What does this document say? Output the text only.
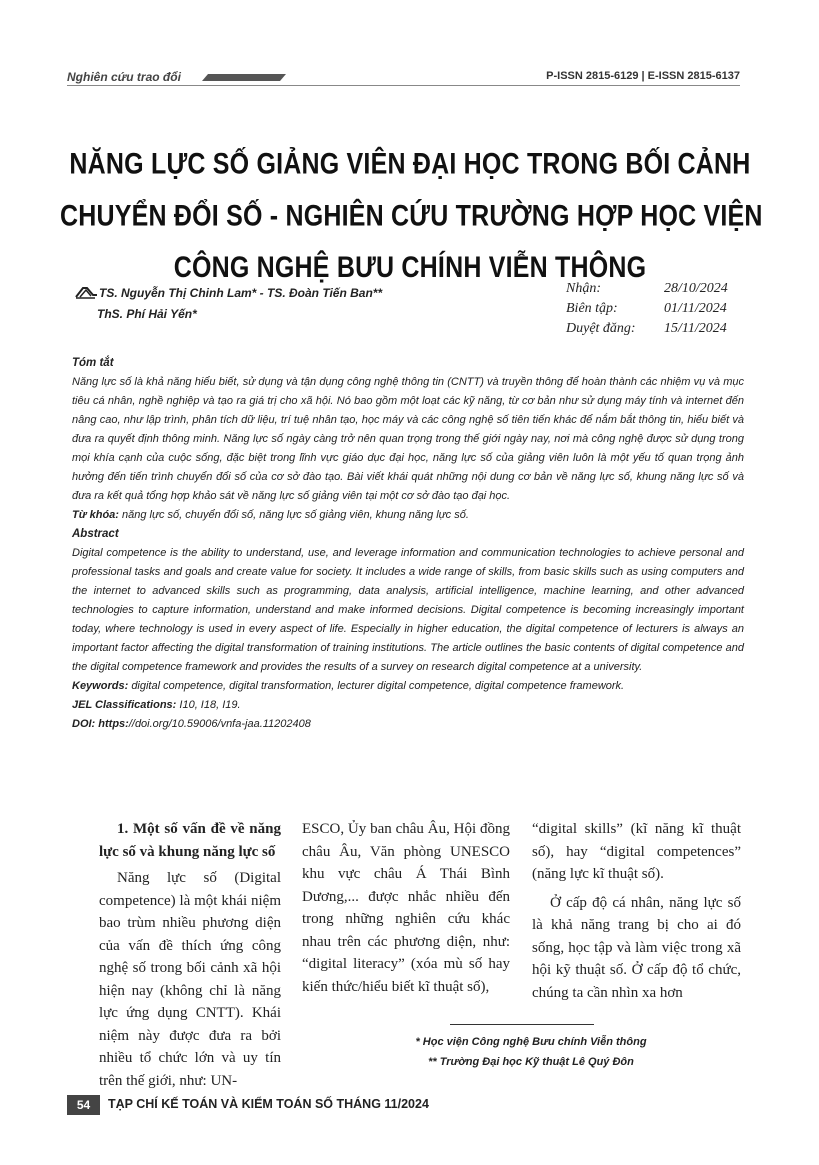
Nghiên cứu trao đổi	P-ISSN 2815-6129 | E-ISSN 2815-6137
NĂNG LỰC SỐ GIẢNG VIÊN ĐẠI HỌC TRONG BỐI CẢNH
CHUYỂN ĐỔI SỐ - NGHIÊN CỨU TRƯỜNG HỢP HỌC VIỆN
CÔNG NGHỆ BƯU CHÍNH VIỄN THÔNG
TS. Nguyễn Thị Chinh Lam* - TS. Đoàn Tiến Ban**
ThS. Phí Hải Yến*
Nhận:	28/10/2024
Biên tập:	01/11/2024
Duyệt đăng:	15/11/2024
Tóm tắt

Năng lực số là khả năng hiểu biết, sử dụng và tận dụng công nghệ thông tin (CNTT) và truyền thông để hoàn thành các nhiệm vụ và mục tiêu cá nhân, nghề nghiệp và tạo ra giá trị cho xã hội. Nó bao gồm một loạt các kỹ năng, từ cơ bản như sử dụng máy tính và internet đến nâng cao, như lập trình, phân tích dữ liệu, trí tuệ nhân tạo, học máy và các công nghệ số tiên tiến khác để nắm bắt thông tin, hiểu biết và đưa ra quyết định thông minh. Năng lực số ngày càng trở nên quan trọng trong thế giới ngày nay, nơi mà công nghệ được sử dụng trong mọi khía cạnh của cuộc sống, đặc biệt trong lĩnh vực giáo dục đại học, năng lực số của giảng viên luôn là một yếu tố quan trọng ảnh hưởng đến tiến trình chuyển đổi số của cơ sở đào tạo. Bài viết khái quát những nội dung cơ bản về năng lực số, khung năng lực số và đưa ra kết quả tổng hợp khảo sát về năng lực số giảng viên tại một cơ sở đào tạo đại học.

Từ khóa: năng lực số, chuyển đổi số, năng lực số giảng viên, khung năng lực số.

Abstract

Digital competence is the ability to understand, use, and leverage information and communication technologies to achieve personal and professional tasks and goals and create value for society. It includes a wide range of skills, from basic skills such as using computers and the internet to advanced skills such as programming, data analysis, artificial intelligence, machine learning, and other advanced technologies to capture information, understand and make informed decisions. Digital competence is becoming increasingly important today, where technology is used in every aspect of life. Especially in higher education, the digital competence of lecturers is always an important factor affecting the digital transformation of training institutions. The article outlines the basic contents of digital competence and the digital competence framework and provides the results of a survey on research digital competence at a university.

Keywords: digital competence, digital transformation, lecturer digital competence, digital competence framework.

JEL Classifications: I10, I18, I19.

DOI: https://doi.org/10.59006/vnfa-jaa.11202408

1. Một số vấn đề về năng lực số và khung năng lực số

Năng lực số (Digital competence) là một khái niệm bao trùm nhiều phương diện của vấn đề thích ứng công nghệ số trong bối cảnh xã hội hiện nay (không chỉ là năng lực ứng dụng CNTT). Khái niệm này được đưa ra bởi nhiều tổ chức lớn và uy tín trên thế giới, như: UN-

ESCO, Ủy ban châu Âu, Hội đồng châu Âu, Văn phòng UNESCO khu vực châu Á Thái Bình Dương,... được nhắc nhiều đến trong những nghiên cứu khác nhau trên các phương diện, như: “digital literacy” (xóa mù số hay kiến thức/hiểu biết kĩ thuật số),

“digital skills” (kĩ năng kĩ thuật số), hay “digital competences” (năng lực kĩ thuật số).

Ở cấp độ cá nhân, năng lực số là khả năng trang bị cho ai đó sống, học tập và làm việc trong xã hội kỹ thuật số. Ở cấp độ tổ chức, chúng ta cần nhìn xa hơn

* Học viện Công nghệ Bưu chính Viễn thông
** Trường Đại học Kỹ thuật Lê Quý Đôn
54	TẠP CHÍ KẾ TOÁN VÀ KIỂM TOÁN SỐ THÁNG 11/2024
